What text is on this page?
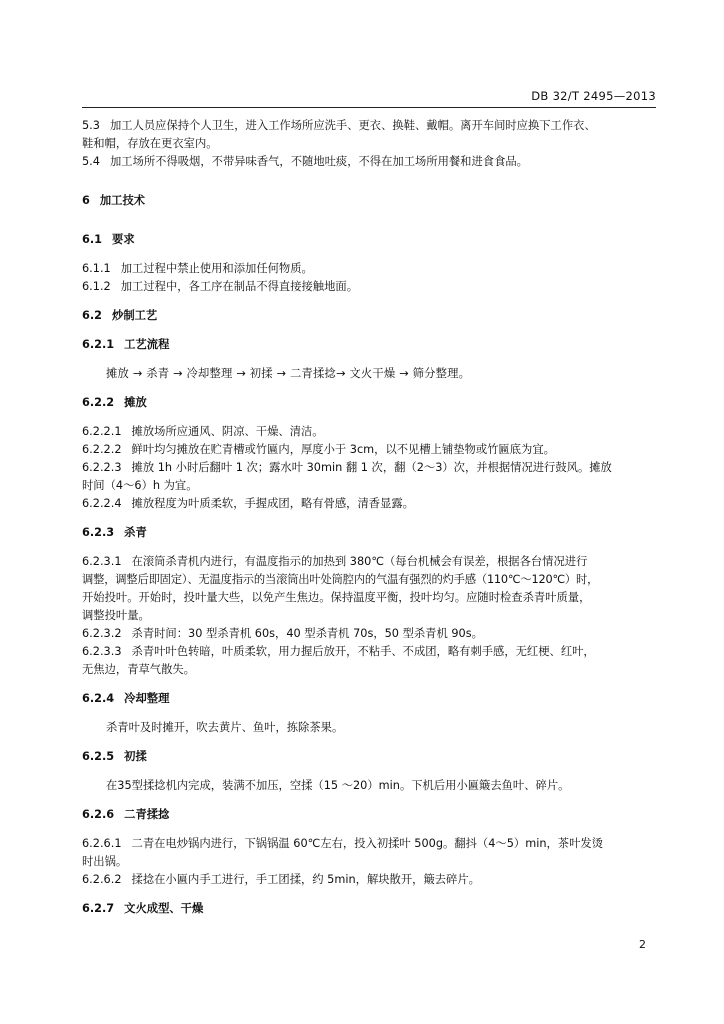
DB 32/T 2495—2013
5.3 加工人员应保持个人卫生，进入工作场所应洗手、更衣、换鞋、戴帽。离开车间时应换下工作衣、
鞋和帽，存放在更衣室内。
5.4 加工场所不得吸烟，不带异味香气，不随地吐痰，不得在加工场所用餐和进食食品。
6 加工技术
6.1 要求
6.1.1 加工过程中禁止使用和添加任何物质。
6.1.2 加工过程中，各工序在制品不得直接接触地面。
6.2 炒制工艺
6.2.1 工艺流程
摊放 → 杀青 → 冷却整理 → 初揉 → 二青揉捻→ 文火干燥 → 筛分整理。
6.2.2 摊放
6.2.2.1 摊放场所应通风、阴凉、干燥、清洁。
6.2.2.2 鲜叶均匀摊放在贮青槽或竹匾内，厚度小于 3cm，以不见槽上铺垫物或竹匾底为宜。
6.2.2.3 摊放 1h 小时后翻叶 1 次；露水叶 30min 翻 1 次，翻（2～3）次，并根据情况进行鼓风。摊放
时间（4～6）h 为宜。
6.2.2.4 摊放程度为叶质柔软，手握成团，略有骨感，清香显露。
6.2.3 杀青
6.2.3.1 在滚筒杀青机内进行，有温度指示的加热到 380℃（每台机械会有误差，根据各台情况进行
调整，调整后即固定）、无温度指示的当滚筒出叶处筒腔内的气温有强烈的灼手感（110℃～120℃）时，
开始投叶。开始时，投叶量大些，以免产生焦边。保持温度平衡，投叶均匀。应随时检查杀青叶质量，
调整投叶量。
6.2.3.2 杀青时间：30 型杀青机 60s，40 型杀青机 70s，50 型杀青机 90s。
6.2.3.3 杀青叶叶色转暗，叶质柔软，用力握后放开，不粘手、不成团，略有刺手感，无红梗、红叶，
无焦边，青草气散失。
6.2.4 冷却整理
杀青叶及时摊开，吹去黄片、鱼叶，拣除茶果。
6.2.5 初揉
在35型揉捻机内完成，装满不加压，空揉（15 ～20）min。下机后用小匾簸去鱼叶、碎片。
6.2.6 二青揉捻
6.2.6.1 二青在电炒锅内进行，下锅锅温 60℃左右，投入初揉叶 500g。翻抖（4～5）min，茶叶发烫
时出锅。
6.2.6.2 揉捻在小匾内手工进行，手工团揉，约 5min，解块散开，簸去碎片。
6.2.7 文火成型、干燥
2
